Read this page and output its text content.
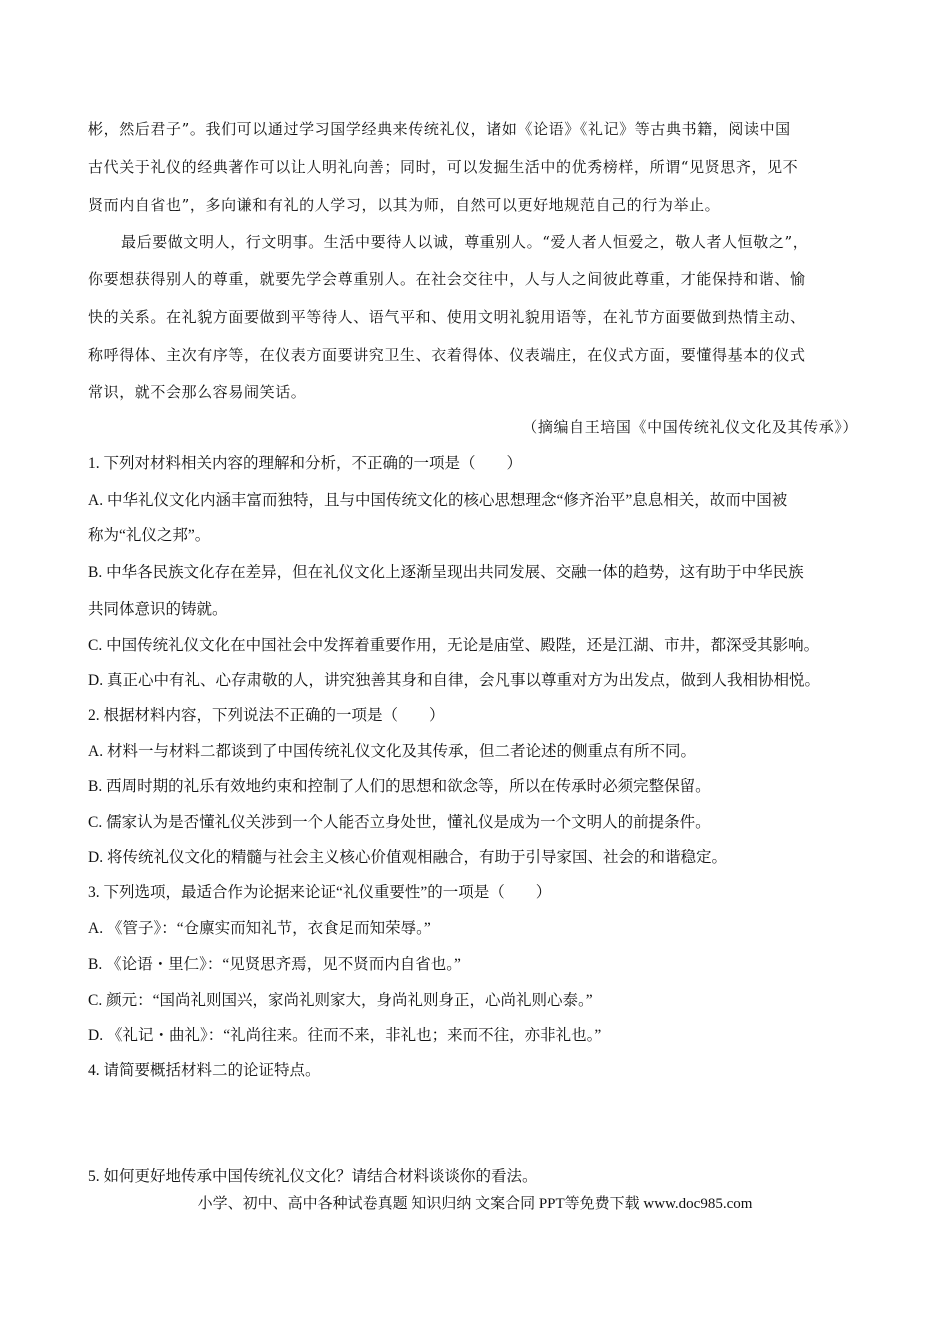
彬，然后君子”。我们可以通过学习国学经典来传统礼仪，诸如《论语》《礼记》等古典书籍，阅读中国
古代关于礼仪的经典著作可以让人明礼向善；同时，可以发掘生活中的优秀榜样，所谓“见贤思齐，见不
贤而内自省也”，多向谦和有礼的人学习，以其为师，自然可以更好地规范自己的行为举止。
最后要做文明人，行文明事。生活中要待人以诚，尊重别人。“爱人者人恒爱之，敬人者人恒敬之”，
你要想获得别人的尊重，就要先学会尊重别人。在社会交往中，人与人之间彼此尊重，才能保持和谐、愉
快的关系。在礼貌方面要做到平等待人、语气平和、使用文明礼貌用语等，在礼节方面要做到热情主动、
称呼得体、主次有序等，在仪表方面要讲究卫生、衣着得体、仪表端庄，在仪式方面，要懂得基本的仪式
常识，就不会那么容易闹笑话。
（摘编自王培国《中国传统礼仪文化及其传承》）
1. 下列对材料相关内容的理解和分析，不正确的一项是（　　）
A. 中华礼仪文化内涵丰富而独特，且与中国传统文化的核心思想理念“修齐治平”息息相关，故而中国被
称为“礼仪之邦”。
B. 中华各民族文化存在差异，但在礼仪文化上逐渐呈现出共同发展、交融一体的趋势，这有助于中华民族
共同体意识的铸就。
C. 中国传统礼仪文化在中国社会中发挥着重要作用，无论是庙堂、殿陛，还是江湖、市井，都深受其影响。
D. 真正心中有礼、心存肃敬的人，讲究独善其身和自律，会凡事以尊重对方为出发点，做到人我相协相悦。
2. 根据材料内容，下列说法不正确的一项是（　　）
A. 材料一与材料二都谈到了中国传统礼仪文化及其传承，但二者论述的侧重点有所不同。
B. 西周时期的礼乐有效地约束和控制了人们的思想和欲念等，所以在传承时必须完整保留。
C. 儒家认为是否懂礼仪关涉到一个人能否立身处世，懂礼仪是成为一个文明人的前提条件。
D. 将传统礼仪文化的精髓与社会主义核心价值观相融合，有助于引导家国、社会的和谐稳定。
3. 下列选项，最适合作为论据来论证“礼仪重要性”的一项是（　　）
A. 《管子》：“仓廪实而知礼节，衣食足而知荣辱。”
B. 《论语・里仁》：“见贤思齐焉，见不贤而内自省也。”
C. 颜元：“国尚礼则国兴，家尚礼则家大，身尚礼则身正，心尚礼则心泰。”
D. 《礼记・曲礼》：“礼尚往来。往而不来，非礼也；来而不往，亦非礼也。”
4. 请简要概括材料二的论证特点。
5. 如何更好地传承中国传统礼仪文化？请结合材料谈谈你的看法。
小学、初中、高中各种试卷真题 知识归纳 文案合同 PPT等免费下载 www.doc985.com
